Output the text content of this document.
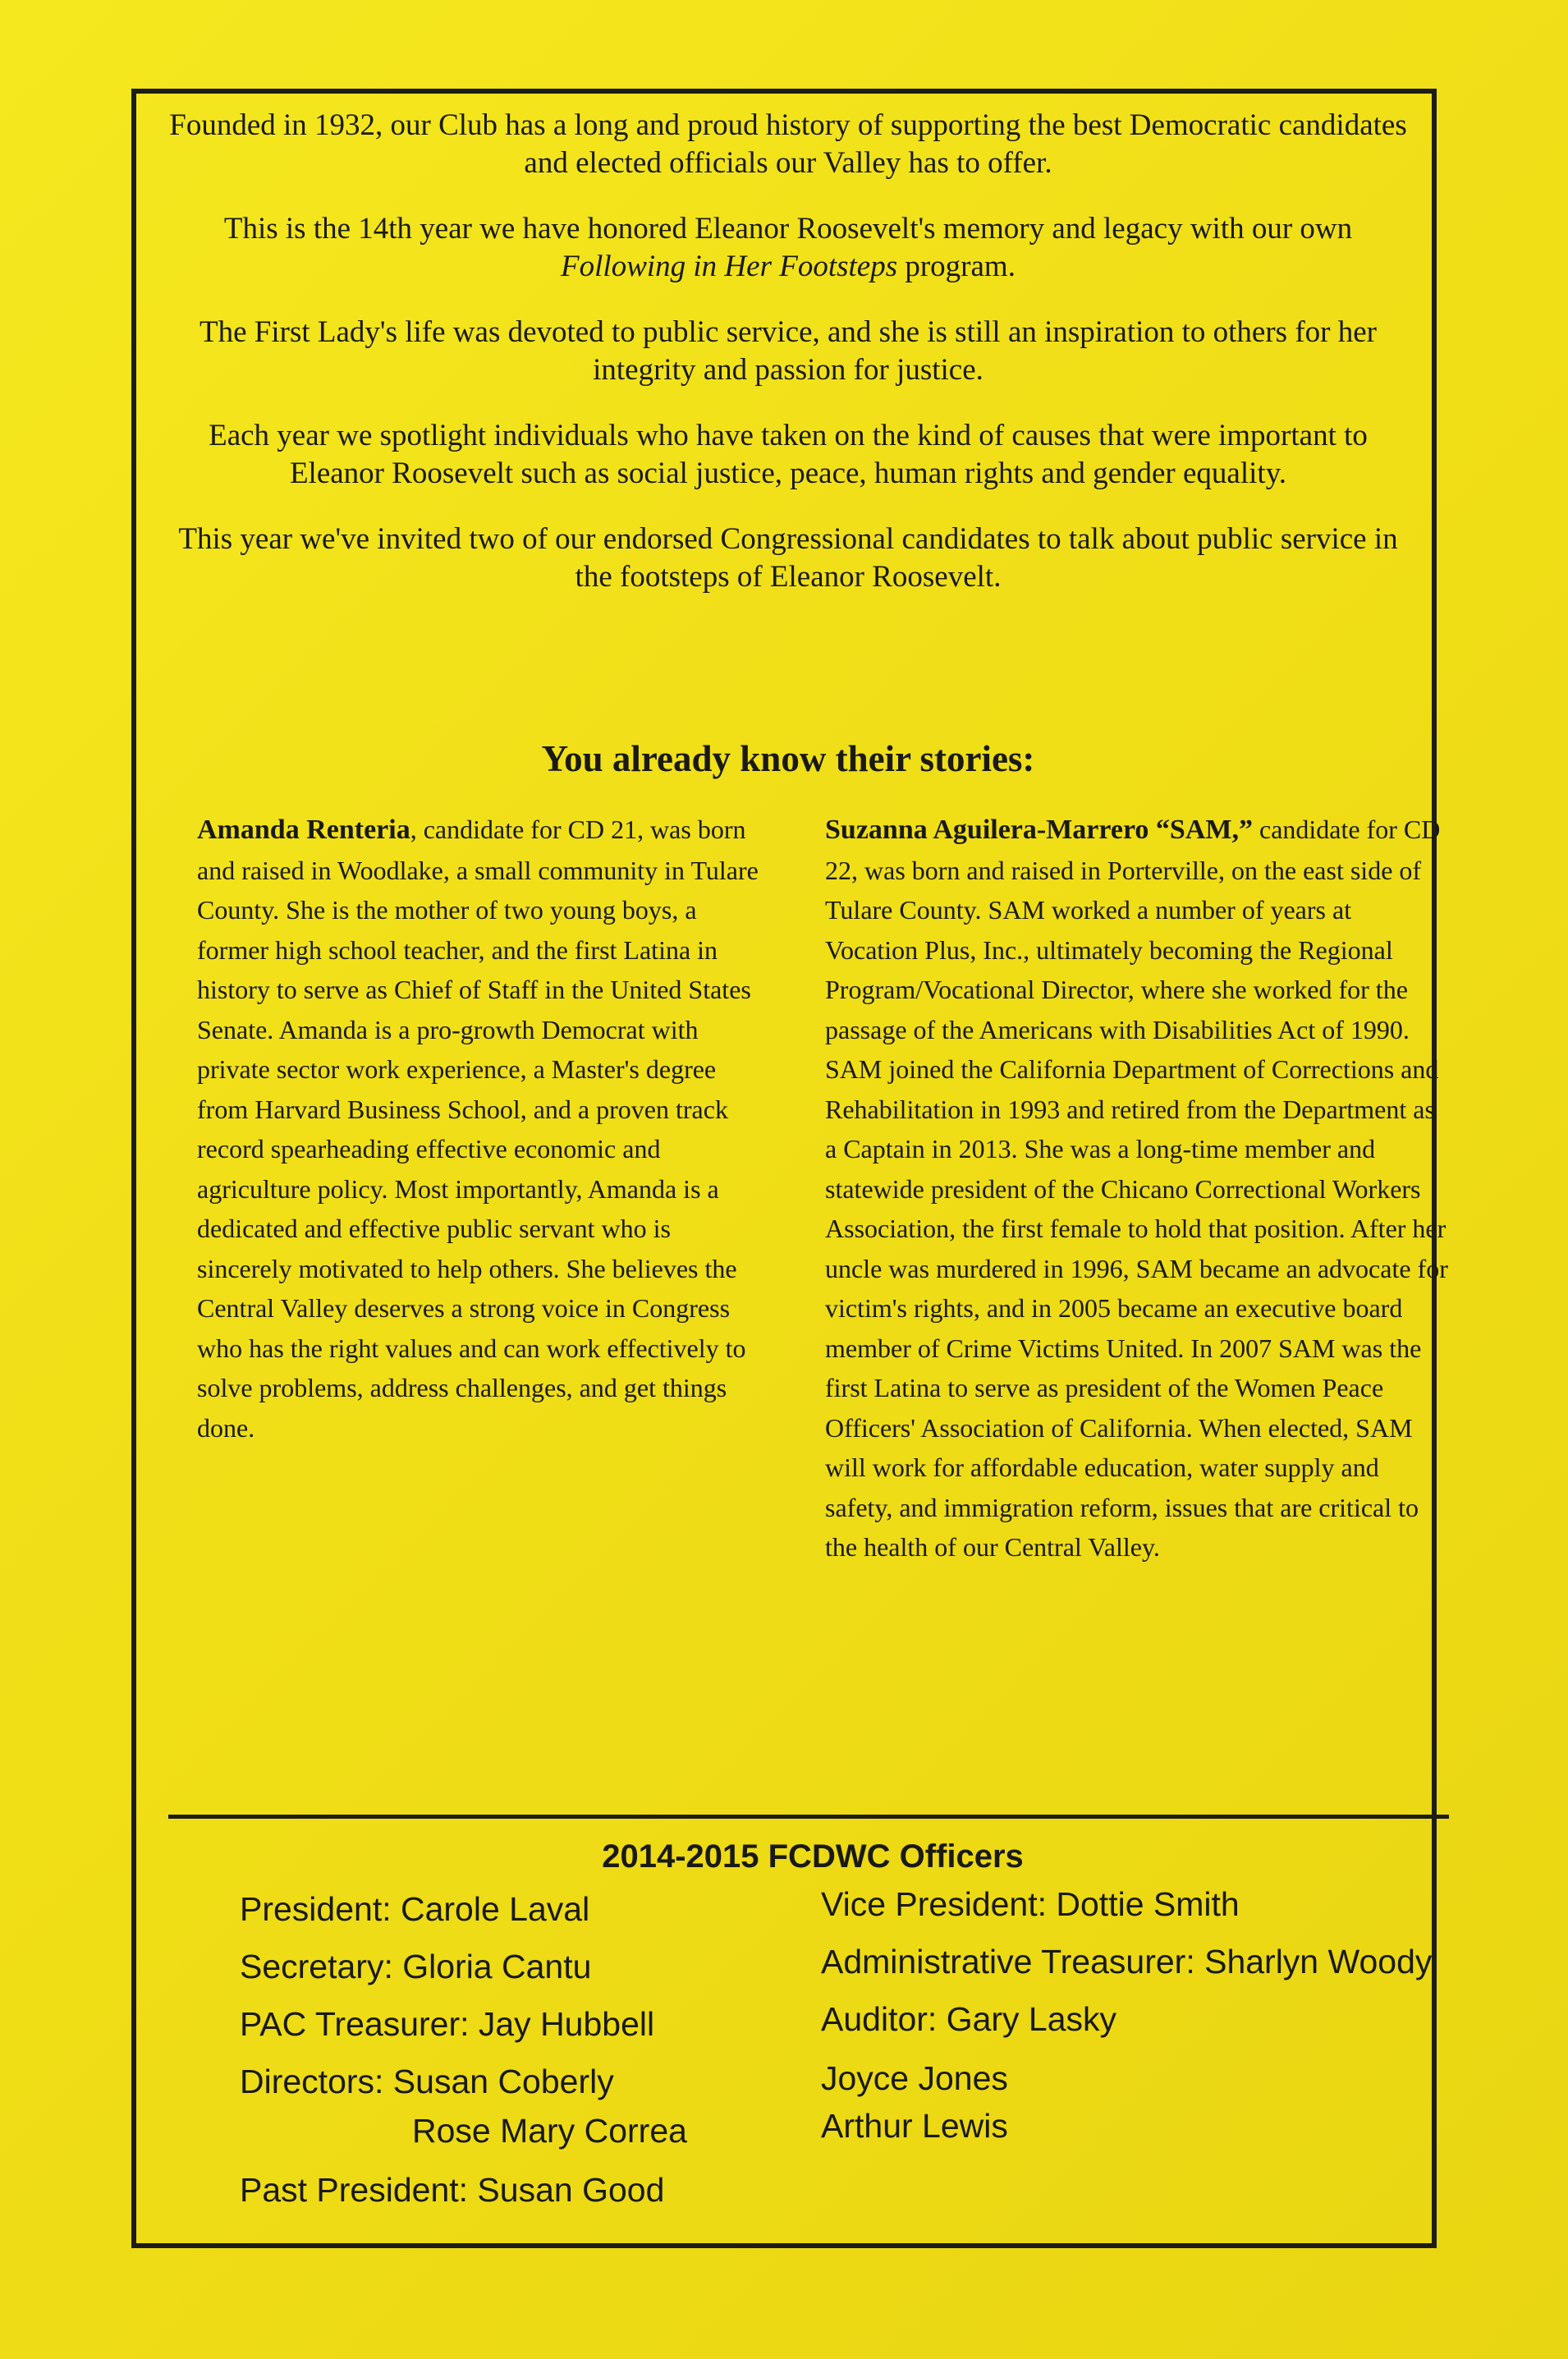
Founded in 1932, our Club has a long and proud history of supporting the best Democratic candidates and elected officials our Valley has to offer.

This is the 14th year we have honored Eleanor Roosevelt's memory and legacy with our own Following in Her Footsteps program.

The First Lady's life was devoted to public service, and she is still an inspiration to others for her integrity and passion for justice.

Each year we spotlight individuals who have taken on the kind of causes that were important to Eleanor Roosevelt such as social justice, peace, human rights and gender equality.

This year we've invited two of our endorsed Congressional candidates to talk about public service in the footsteps of Eleanor Roosevelt.

You already know their stories:
Amanda Renteria, candidate for CD 21, was born and raised in Woodlake, a small community in Tulare County. She is the mother of two young boys, a former high school teacher, and the first Latina in history to serve as Chief of Staff in the United States Senate. Amanda is a pro-growth Democrat with private sector work experience, a Master's degree from Harvard Business School, and a proven track record spearheading effective economic and agriculture policy. Most importantly, Amanda is a dedicated and effective public servant who is sincerely motivated to help others. She believes the Central Valley deserves a strong voice in Congress who has the right values and can work effectively to solve problems, address challenges, and get things done.
Suzanna Aguilera-Marrero “SAM,” candidate for CD 22, was born and raised in Porterville, on the east side of Tulare County. SAM worked a number of years at Vocation Plus, Inc., ultimately becoming the Regional Program/Vocational Director, where she worked for the passage of the Americans with Disabilities Act of 1990. SAM joined the California Department of Corrections and Rehabilitation in 1993 and retired from the Department as a Captain in 2013. She was a long-time member and statewide president of the Chicano Correctional Workers Association, the first female to hold that position. After her uncle was murdered in 1996, SAM became an advocate for victim's rights, and in 2005 became an executive board member of Crime Victims United. In 2007 SAM was the first Latina to serve as president of the Women Peace Officers' Association of California. When elected, SAM will work for affordable education, water supply and safety, and immigration reform, issues that are critical to the health of our Central Valley.
2014-2015 FCDWC Officers
President: Carole Laval	Vice President: Dottie Smith
Secretary: Gloria Cantu	Administrative Treasurer: Sharlyn Woody
PAC Treasurer: Jay Hubbell	Auditor: Gary Lasky
Directors: Susan Coberly	Joyce Jones
Rose Mary Correa	Arthur Lewis
Past President: Susan Good
